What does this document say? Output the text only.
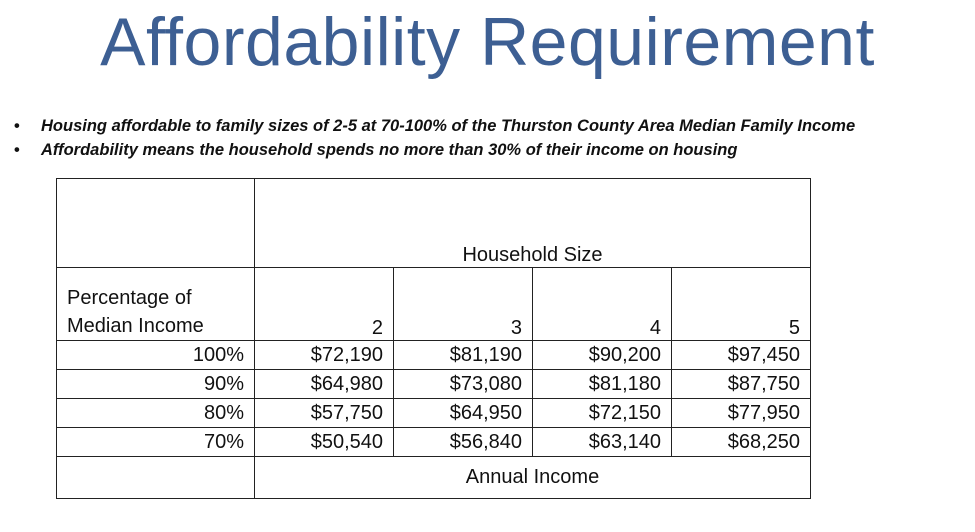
Affordability Requirement
• Housing affordable to family sizes of 2-5 at 70-100% of the Thurston County Area Median Family Income
• Affordability means the household spends no more than 30% of their income on housing
	Household Size			
Percentage of
Median Income	2	3	4	5
100%	$72,190	$81,190	$90,200	$97,450
90%	$64,980	$73,080	$81,180	$87,750
80%	$57,750	$64,950	$72,150	$77,950
70%	$50,540	$56,840	$63,140	$68,250
	Annual Income			
